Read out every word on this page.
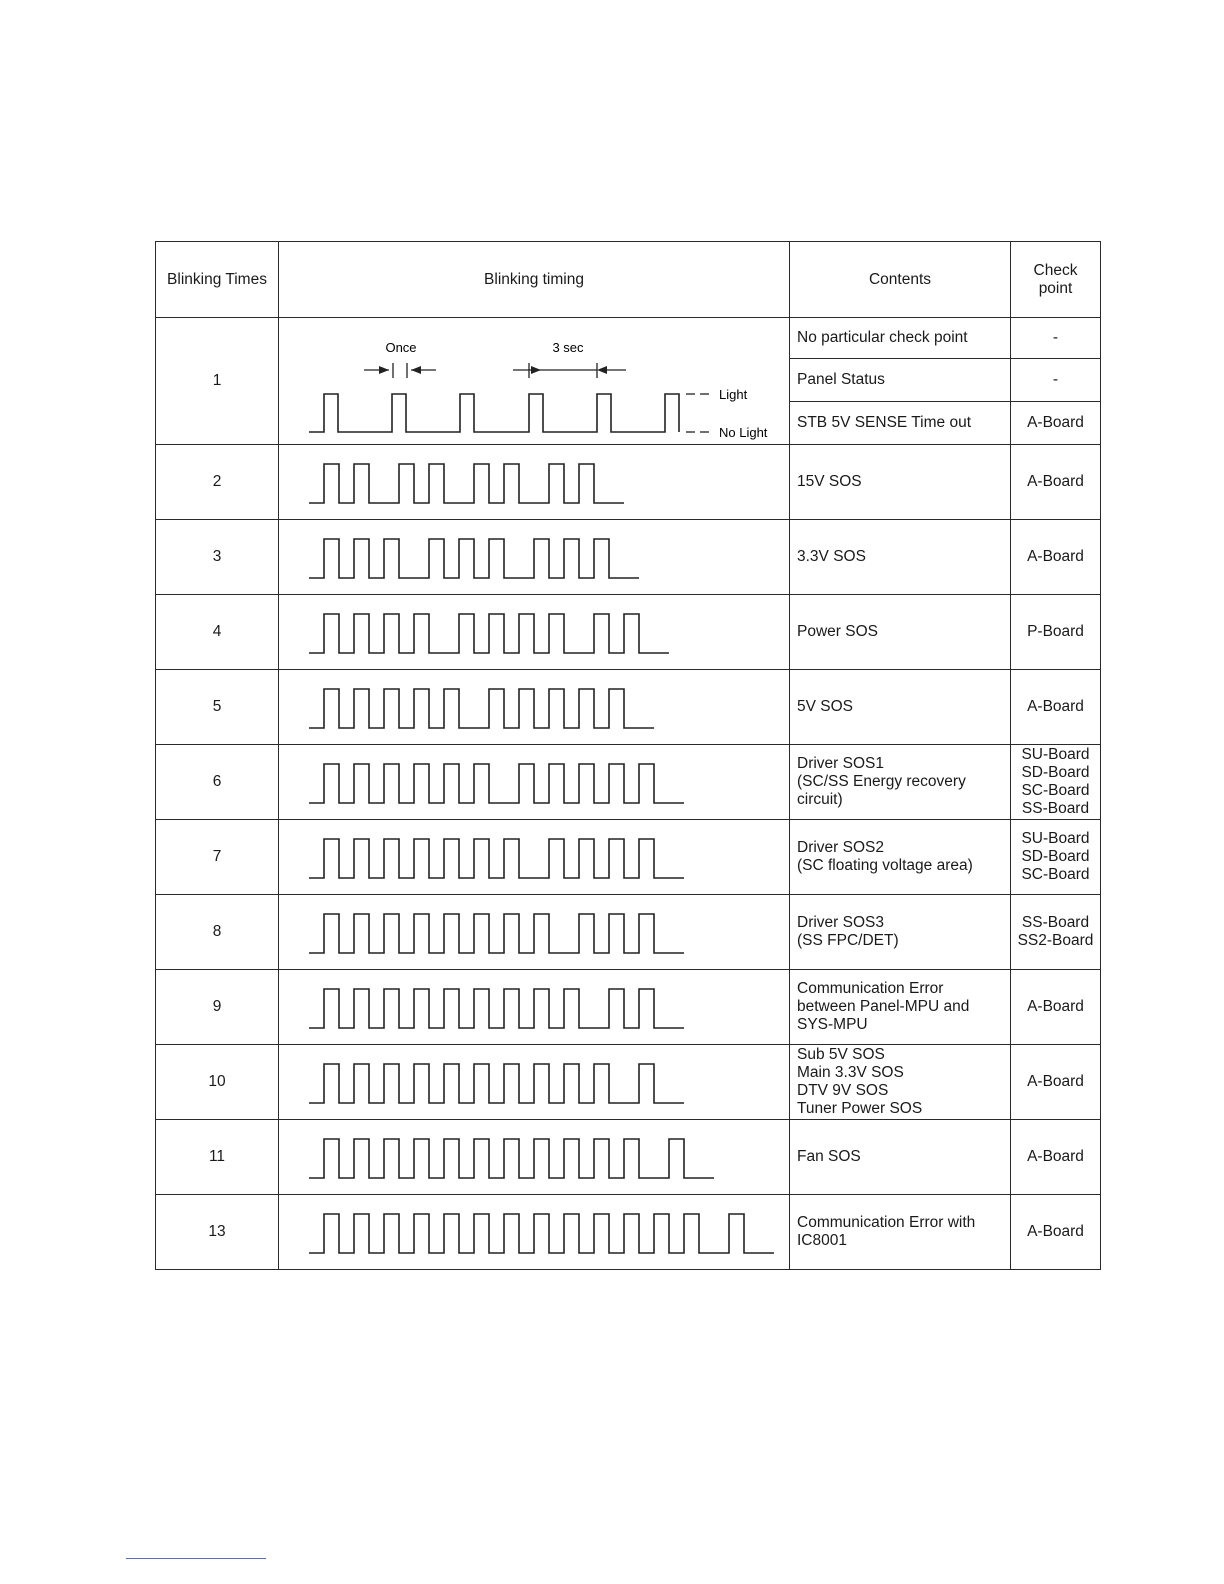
Blinking Times	Blinking timing	Contents	Check
point
1	Once 3 sec
Light
No Light	No particular check point	-
		Panel Status	-
		STB 5V SENSE Time out	A-Board
2		15V SOS	A-Board
3		3.3V SOS	A-Board
4		Power SOS	P-Board
5		5V SOS	A-Board
6		Driver SOS1
(SC/SS Energy recovery
circuit)	SU-Board
SD-Board
SC-Board
SS-Board
7		Driver SOS2
(SC floating voltage area)	SU-Board
SD-Board
SC-Board
8		Driver SOS3
(SS FPC/DET)	SS-Board
SS2-Board
9		Communication Error
between Panel-MPU and
SYS-MPU	A-Board
10		Sub 5V SOS
Main 3.3V SOS
DTV 9V SOS
Tuner Power SOS	A-Board
11		Fan SOS	A-Board
13		Communication Error with
IC8001	A-Board
